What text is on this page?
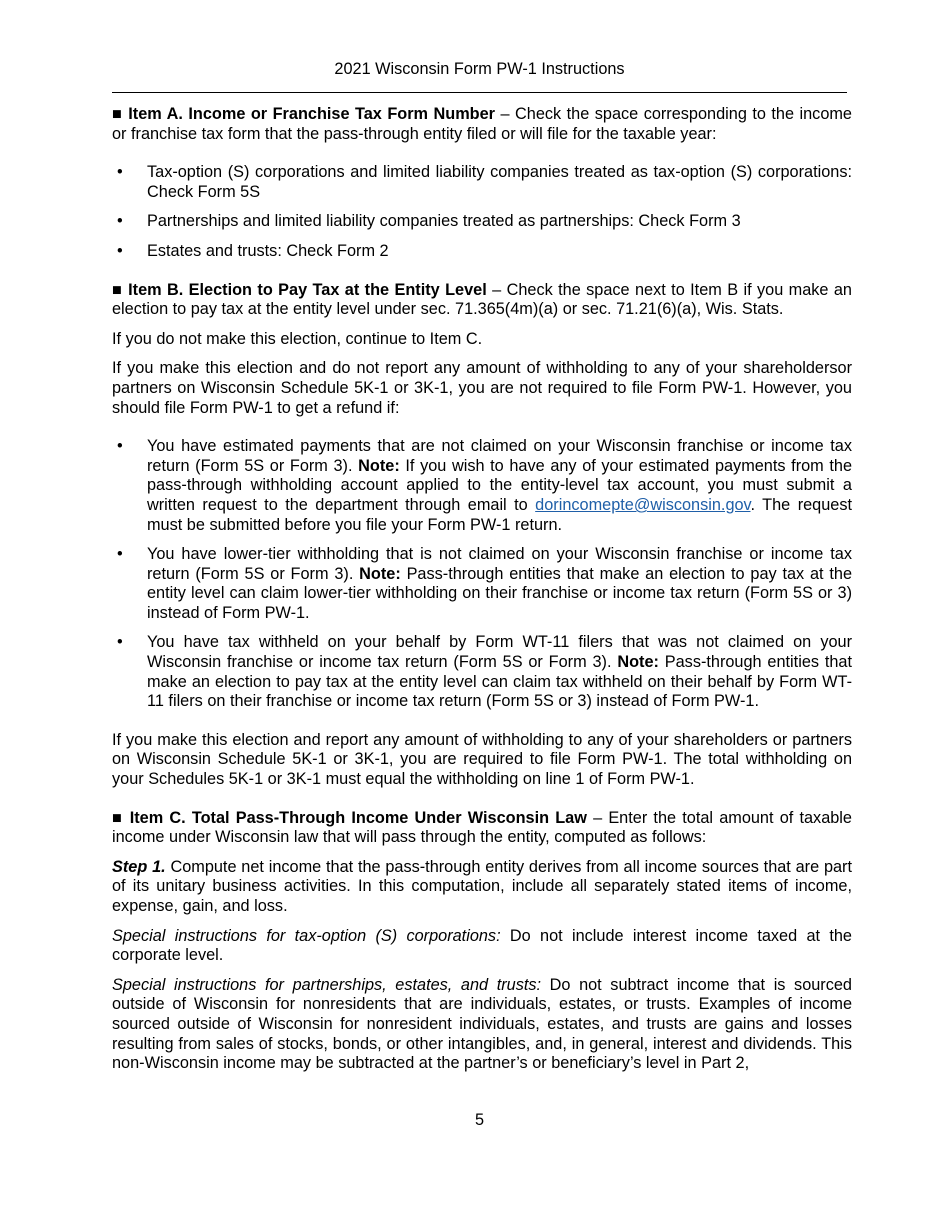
2021 Wisconsin Form PW-1 Instructions

■ Item A. Income or Franchise Tax Form Number – Check the space corresponding to the income or franchise tax form that the pass-through entity filed or will file for the taxable year:

• Tax-option (S) corporations and limited liability companies treated as tax-option (S) corporations: Check Form 5S
• Partnerships and limited liability companies treated as partnerships: Check Form 3
• Estates and trusts: Check Form 2

■ Item B. Election to Pay Tax at the Entity Level – Check the space next to Item B if you make an election to pay tax at the entity level under sec. 71.365(4m)(a) or sec. 71.21(6)(a), Wis. Stats.

If you do not make this election, continue to Item C.

If you make this election and do not report any amount of withholding to any of your shareholdersor partners on Wisconsin Schedule 5K-1 or 3K-1, you are not required to file Form PW-1. However, you should file Form PW-1 to get a refund if:

• You have estimated payments that are not claimed on your Wisconsin franchise or income tax return (Form 5S or Form 3). Note: If you wish to have any of your estimated payments from the pass-through withholding account applied to the entity-level tax account, you must submit a written request to the department through email to dorincomepte@wisconsin.gov. The request must be submitted before you file your Form PW-1 return.
• You have lower-tier withholding that is not claimed on your Wisconsin franchise or income tax return (Form 5S or Form 3). Note: Pass-through entities that make an election to pay tax at the entity level can claim lower-tier withholding on their franchise or income tax return (Form 5S or 3) instead of Form PW-1.
• You have tax withheld on your behalf by Form WT-11 filers that was not claimed on your Wisconsin franchise or income tax return (Form 5S or Form 3). Note: Pass-through entities that make an election to pay tax at the entity level can claim tax withheld on their behalf by Form WT-11 filers on their franchise or income tax return (Form 5S or 3) instead of Form PW-1.

If you make this election and report any amount of withholding to any of your shareholders or partners on Wisconsin Schedule 5K-1 or 3K-1, you are required to file Form PW-1. The total withholding on your Schedules 5K-1 or 3K-1 must equal the withholding on line 1 of Form PW-1.

■ Item C. Total Pass-Through Income Under Wisconsin Law – Enter the total amount of taxable income under Wisconsin law that will pass through the entity, computed as follows:

Step 1. Compute net income that the pass-through entity derives from all income sources that are part of its unitary business activities. In this computation, include all separately stated items of income, expense, gain, and loss.

Special instructions for tax-option (S) corporations: Do not include interest income taxed at the corporate level.

Special instructions for partnerships, estates, and trusts: Do not subtract income that is sourced outside of Wisconsin for nonresidents that are individuals, estates, or trusts. Examples of income sourced outside of Wisconsin for nonresident individuals, estates, and trusts are gains and losses resulting from sales of stocks, bonds, or other intangibles, and, in general, interest and dividends. This non-Wisconsin income may be subtracted at the partner’s or beneficiary’s level in Part 2,

5
